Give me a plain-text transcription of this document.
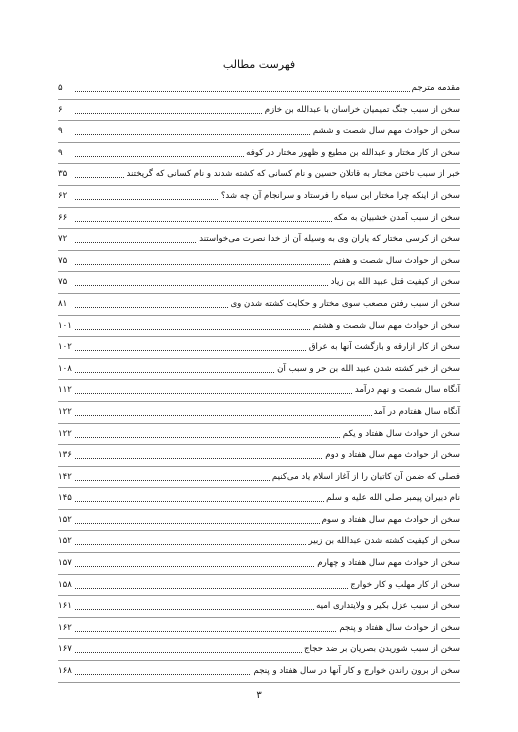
فهرست مطالب
مقدمه مترجم
۵
سخن از سبب جنگ تمیمیان خراسان با عبدالله بن خازم
۶
سخن از حوادث مهم سال شصت و ششم
۹
سخن از کار مختار و عبدالله بن مطیع و ظهور مختار در کوفه
۹
خبر از سبب تاختن مختار به قاتلان حسین و نام کسانی که کشته شدند و نام کسانی که گریختند
۳۵
سخن از اینکه چرا مختار ابن سیاه را فرستاد و سرانجام آن چه شد؟
۶۲
سخن از سبب آمدن خشبیان به مکه
۶۶
سخن از کرسی مختار که یاران وی به وسیله آن از خدا نصرت می‌خواستند
۷۲
سخن از حوادث سال شصت و هفتم
۷۵
سخن از کیفیت قتل عبید الله بن زیاد
۷۵
سخن از سبب رفتن مصعب سوی مختار و حکایت کشته شدن وی
۸۱
سخن از حوادث مهم سال شصت و هشتم
۱۰۱
سخن از کار ازارقه و بازگشت آنها به عراق
۱۰۲
سخن از خبر کشته شدن عبید الله بن حر و سبب آن
۱۰۸
آنگاه سال شصت و نهم درآمد
۱۱۲
آنگاه سال هفتادم در آمد
۱۲۲
سخن از حوادث سال هفتاد و یکم
۱۲۲
سخن از حوادث مهم سال هفتاد و دوم
۱۳۶
فصلی که ضمن آن کاتبان را از آغاز اسلام یاد می‌کنیم
۱۴۲
نام دبیران پیمبر صلی الله علیه و سلم
۱۴۵
سخن از حوادث مهم سال هفتاد و سوم
۱۵۲
سخن از کیفیت کشته شدن عبدالله بن زبیر
۱۵۲
سخن از حوادث مهم سال هفتاد و چهارم
۱۵۷
سخن از کار مهلب و کار خوارج
۱۵۸
سخن از سبب عزل بکیر و ولایتداری امیه
۱۶۱
سخن از حوادث سال هفتاد و پنجم
۱۶۲
سخن از سبب شوریدن بصریان بر ضد حجاج
۱۶۷
سخن از برون راندن خوارج و کار آنها در سال هفتاد و پنجم
۱۶۸
۳
